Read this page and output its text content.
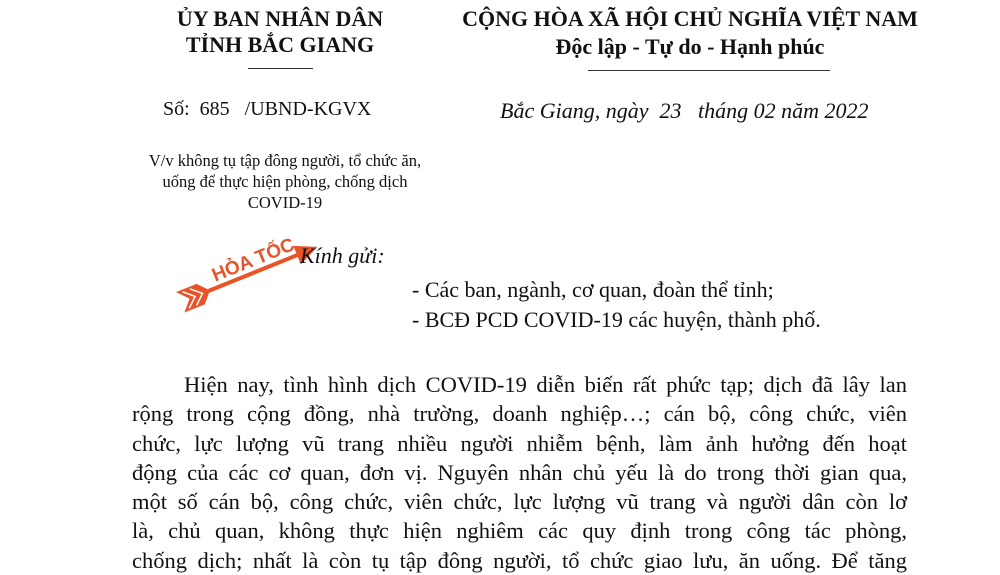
ỦY BAN NHÂN DÂN
TỈNH BẮC GIANG
CỘNG HÒA XÃ HỘI CHỦ NGHĨA VIỆT NAM
Độc lập - Tự do - Hạnh phúc
Số:  685   /UBND-KGVX	Bắc Giang, ngày  23   tháng 02 năm 2022
V/v không tụ tập đông người, tổ chức ăn,
uống để thực hiện phòng, chống dịch
COVID-19
HỎA TỐC Kính gửi:
- Các ban, ngành, cơ quan, đoàn thể tỉnh;
- BCĐ PCD COVID-19 các huyện, thành phố.
Hiện nay, tình hình dịch COVID-19 diễn biến rất phức tạp; dịch đã lây lan
rộng trong cộng đồng, nhà trường, doanh nghiệp…; cán bộ, công chức, viên
chức, lực lượng vũ trang nhiều người nhiễm bệnh, làm ảnh hưởng đến hoạt
động của các cơ quan, đơn vị. Nguyên nhân chủ yếu là do trong thời gian qua,
một số cán bộ, công chức, viên chức, lực lượng vũ trang và người dân còn lơ
là, chủ quan, không thực hiện nghiêm các quy định trong công tác phòng,
chống dịch; nhất là còn tụ tập đông người, tổ chức giao lưu, ăn uống. Để tăng
